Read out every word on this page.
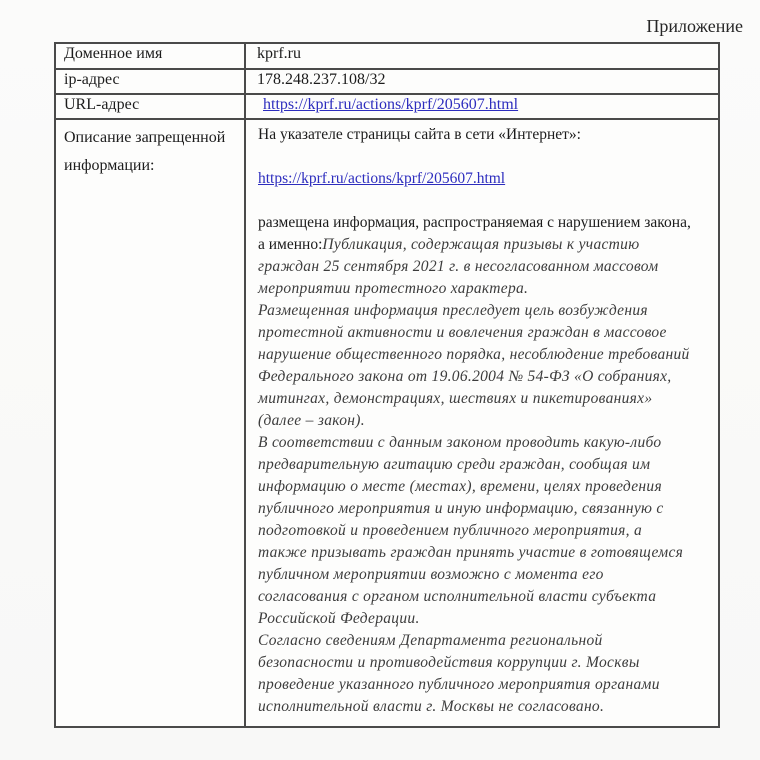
Приложение
Доменное имя	kprf.ru
ip-адрес	178.248.237.108/32
URL-адрес	https://kprf.ru/actions/kprf/205607.html
Описание запрещенной информации:	

На указателе страницы сайта в сети «Интернет»:

https://kprf.ru/actions/kprf/205607.html

размещена информация, распространяемая с нарушением закона, а именно:Публикация, содержащая призывы к участию граждан 25 сентября 2021 г. в несогласованном массовом мероприятии протестного характера.

Размещенная информация преследует цель возбуждения протестной активности и вовлечения граждан в массовое нарушение общественного порядка, несоблюдение требований Федерального закона от 19.06.2004 № 54-ФЗ «О собраниях, митингах, демонстрациях, шествиях и пикетированиях» (далее – закон).

В соответствии с данным законом проводить какую-либо предварительную агитацию среди граждан, сообщая им информацию о месте (местах), времени, целях проведения публичного мероприятия и иную информацию, связанную с подготовкой и проведением публичного мероприятия, а также призывать граждан принять участие в готовящемся публичном мероприятии возможно с момента его согласования с органом исполнительной власти субъекта Российской Федерации.

Согласно сведениям Департамента региональной безопасности и противодействия коррупции г. Москвы проведение указанного публичного мероприятия органами исполнительной власти г. Москвы не согласовано.
